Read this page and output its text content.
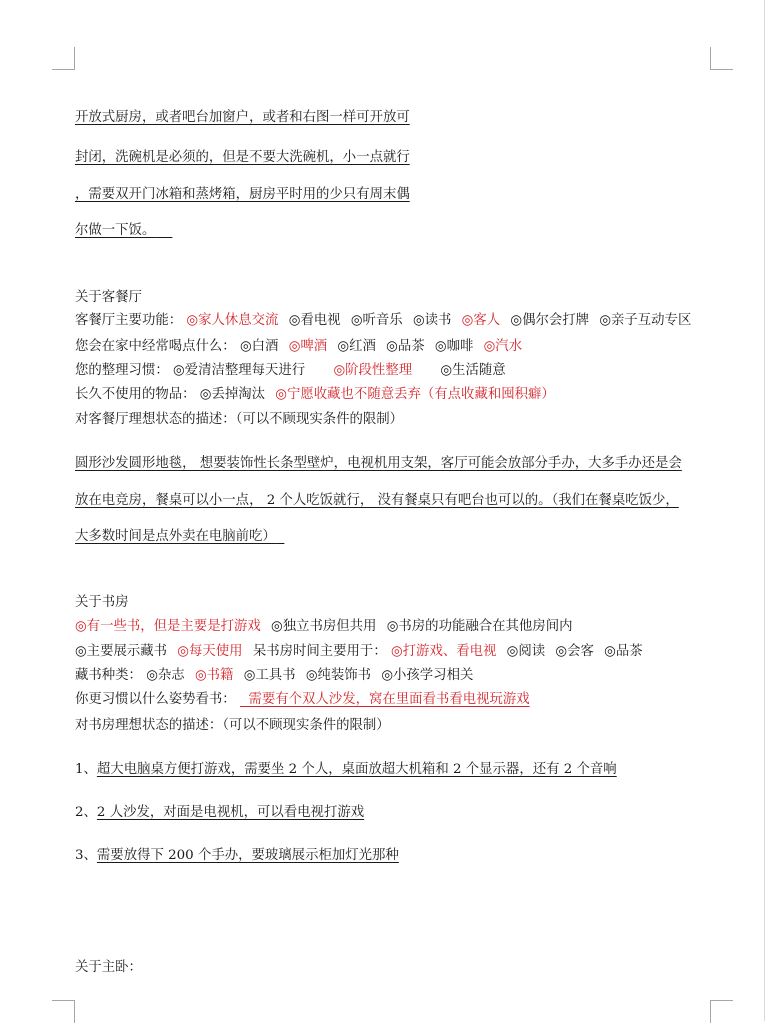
开放式厨房，或者吧台加窗户，或者和右图一样可开放可
封闭，洗碗机是必须的，但是不要大洗碗机，小一点就行
，需要双开门冰箱和蒸烤箱，厨房平时用的少只有周末偶
尔做一下饭。
关于客餐厅
客餐厅主要功能： ◎家人休息交流 ◎看电视 ◎听音乐 ◎读书 ◎客人 ◎偶尔会打牌 ◎亲子互动专区
您会在家中经常喝点什么： ◎白酒 ◎啤酒 ◎红酒 ◎品茶 ◎咖啡 ◎汽水
您的整理习惯： ◎爱清洁整理每天进行 ◎阶段性整理 ◎生活随意
长久不使用的物品： ◎丢掉淘汰 ◎宁愿收藏也不随意丢弃（有点收藏和囤积癖）
对客餐厅理想状态的描述：（可以不顾现实条件的限制）
圆形沙发圆形地毯， 想要装饰性长条型壁炉，电视机用支架，客厅可能会放部分手办，大多手办还是会
放在电竞房，餐桌可以小一点， 2 个人吃饭就行， 没有餐桌只有吧台也可以的。（我们在餐桌吃饭少，
大多数时间是点外卖在电脑前吃）
关于书房
◎有一些书，但是主要是打游戏 ◎独立书房但共用 ◎书房的功能融合在其他房间内
◎主要展示藏书 ◎每天使用 呆书房时间主要用于： ◎打游戏、看电视 ◎阅读 ◎会客 ◎品茶
藏书种类： ◎杂志 ◎书籍 ◎工具书 ◎纯装饰书 ◎小孩学习相关
你更习惯以什么姿势看书： 需要有个双人沙发，窝在里面看书看电视玩游戏
对书房理想状态的描述：（可以不顾现实条件的限制）
1、超大电脑桌方便打游戏，需要坐 2 个人，桌面放超大机箱和 2 个显示器，还有 2 个音响
2、2 人沙发，对面是电视机，可以看电视打游戏
3、需要放得下 200 个手办，要玻璃展示柜加灯光那种
关于主卧：
